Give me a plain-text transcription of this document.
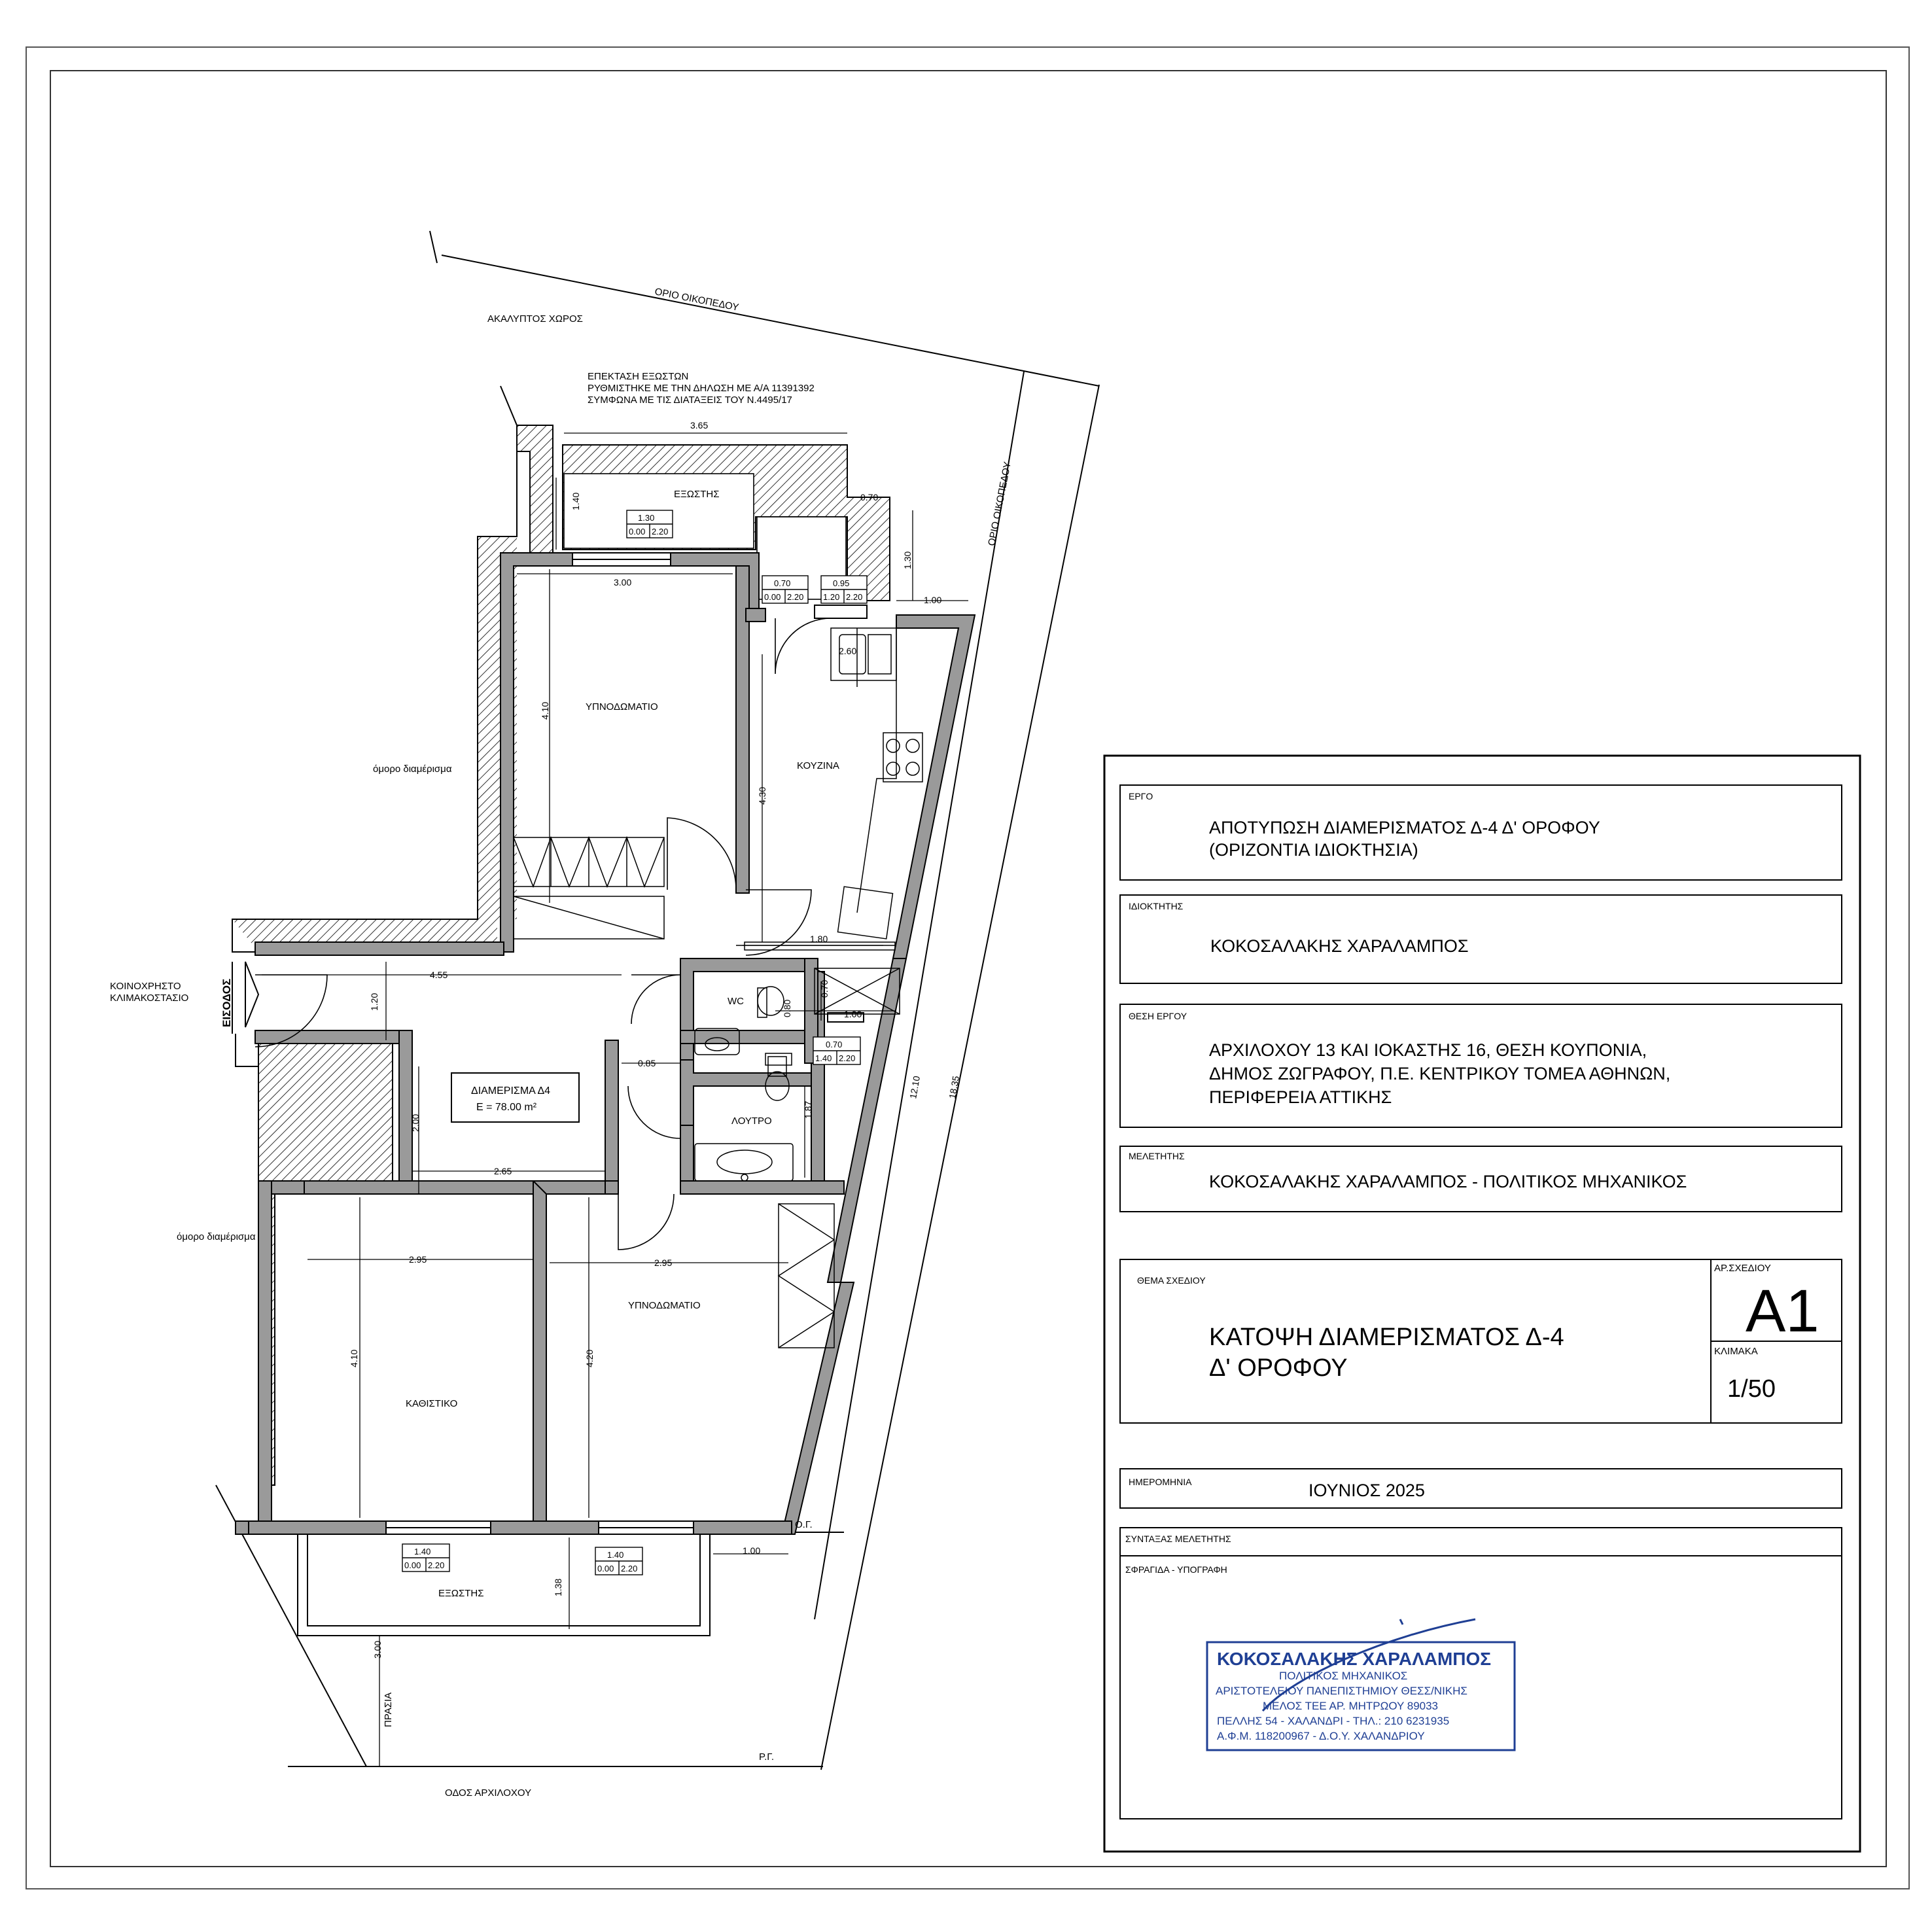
ΟΡΙΟ ΟΙΚΟΠΕΔΟΥ
ΟΡΙΟ ΟΙΚΟΠΕΔΟΥ
ΑΚΑΛΥΠΤΟΣ ΧΩΡΟΣ
ΕΠΕΚΤΑΣΗ ΕΞΩΣΤΩΝ
ΡΥΘΜΙΣΤΗΚΕ ΜΕ ΤΗΝ ΔΗΛΩΣΗ ΜΕ Α/Α 11391392
ΣΥΜΦΩΝΑ ΜΕ ΤΙΣ ΔΙΑΤΑΞΕΙΣ ΤΟΥ Ν.4495/17
ΕΞΩΣΤΗΣ
ΥΠΝΟΔΩΜΑΤΙΟ
ΚΟΥΖΙΝΑ
WC
ΛΟΥΤΡΟ
ΚΑΘΙΣΤΙΚΟ
ΥΠΝΟΔΩΜΑΤΙΟ
ΕΞΩΣΤΗΣ
όμορο διαμέρισμα
όμορο διαμέρισμα
ΚΟΙΝΟΧΡΗΣΤΟ
ΚΛΙΜΑΚΟΣΤΑΣΙΟ	ΕΙΣΟΔΟΣ
ΟΔΟΣ ΑΡΧΙΛΟΧΟΥ
ΠΡΑΣΙΑ
Ο.Γ.
Ρ.Γ.
ΔΙΑΜΕΡΙΣΜΑ Δ4
Ε = 78.00 m²
3.65
1.40	0.70
1.30
1.00
3.00
4.10
2.60
4.30
1.80
4.55
1.20
0.70
0.80	1.00
0.85
1.87
2.00
2.65
2.95	2.95
4.10	4.20
12.10	18.35
1.00
1.38
3.00
1.30
0.00 2.20
0.70
0.00 2.20
0.95
1.20 2.20
0.70
1.40 2.20
1.40
0.00 2.20
1.40
0.00 2.20
ΕΡΓΟ
ΑΠΟΤΥΠΩΣΗ ΔΙΑΜΕΡΙΣΜΑΤΟΣ Δ-4 Δ' ΟΡΟΦΟΥ
(ΟΡΙΖΟΝΤΙΑ ΙΔΙΟΚΤΗΣΙΑ)
ΙΔΙΟΚΤΗΤΗΣ
ΚΟΚΟΣΑΛΑΚΗΣ ΧΑΡΑΛΑΜΠΟΣ
ΘΕΣΗ ΕΡΓΟΥ
ΑΡΧΙΛΟΧΟΥ 13 ΚΑΙ ΙΟΚΑΣΤΗΣ 16, ΘΕΣΗ ΚΟΥΠΟΝΙΑ,
ΔΗΜΟΣ ΖΩΓΡΑΦΟΥ, Π.Ε. ΚΕΝΤΡΙΚΟΥ ΤΟΜΕΑ ΑΘΗΝΩΝ,
ΠΕΡΙΦΕΡΕΙΑ ΑΤΤΙΚΗΣ
ΜΕΛΕΤΗΤΗΣ
ΚΟΚΟΣΑΛΑΚΗΣ ΧΑΡΑΛΑΜΠΟΣ - ΠΟΛΙΤΙΚΟΣ ΜΗΧΑΝΙΚΟΣ
ΘΕΜΑ ΣΧΕΔΙΟΥ
ΚΑΤΟΨΗ ΔΙΑΜΕΡΙΣΜΑΤΟΣ Δ-4
Δ' ΟΡΟΦΟΥ
ΑΡ.ΣΧΕΔΙΟΥ
Α1
ΚΛΙΜΑΚΑ
1/50
ΗΜΕΡΟΜΗΝΙΑ	ΙΟΥΝΙΟΣ 2025
ΣΥΝΤΑΞΑΣ ΜΕΛΕΤΗΤΗΣ
ΣΦΡΑΓΙΔΑ - ΥΠΟΓΡΑΦΗ
ΚΟΚΟΣΑΛΑΚΗΣ ΧΑΡΑΛΑΜΠΟΣ
ΠΟΛΙΤΙΚΟΣ ΜΗΧΑΝΙΚΟΣ
ΑΡΙΣΤΟΤΕΛΕΙΟΥ ΠΑΝΕΠΙΣΤΗΜΙΟΥ ΘΕΣΣ/ΝΙΚΗΣ
ΜΕΛΟΣ ΤΕΕ ΑΡ. ΜΗΤΡΩΟΥ 89033
ΠΕΛΛΗΣ 54 - ΧΑΛΑΝΔΡΙ - ΤΗΛ.: 210 6231935
Α.Φ.Μ. 118200967 - Δ.Ο.Υ. ΧΑΛΑΝΔΡΙΟΥ
